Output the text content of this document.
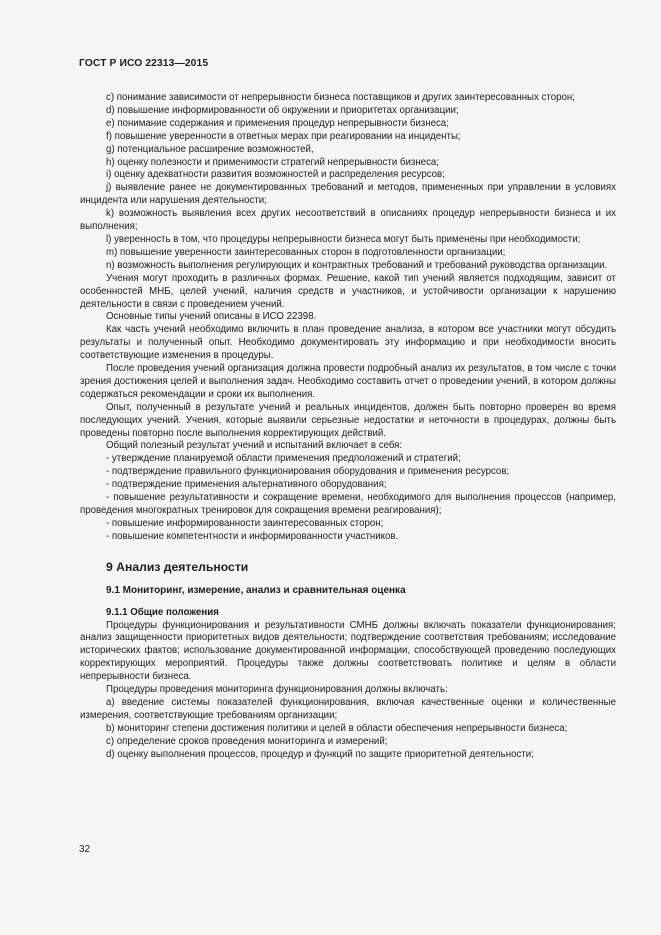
ГОСТ Р ИСО 22313—2015

c) понимание зависимости от непрерывности бизнеса поставщиков и других заинтересованных сторон;

d) повышение информированности об окружении и приоритетах организации;

e) понимание содержания и применения процедур непрерывности бизнеса;

f) повышение уверенности в ответных мерах при реагировании на инциденты;

g) потенциальное расширение возможностей,

h) оценку полезности и применимости стратегий непрерывности бизнеса;

i) оценку адекватности развития возможностей и распределения ресурсов;

j) выявление ранее не документированных требований и методов, примененных при управлении в условиях инцидента или нарушения деятельности;

k) возможность выявления всех других несоответствий в описаниях процедур непрерывности бизнеса и их выполнения;

l) уверенность в том, что процедуры непрерывности бизнеса могут быть применены при необходимости;

m) повышение уверенности заинтересованных сторон в подготовленности организации;

n) возможность выполнения регулирующих и контрактных требований и требований руководства организации.

Учения могут проходить в различных формах. Решение, какой тип учений является подходящим, зависит от особенностей МНБ, целей учений, наличия средств и участников, и устойчивости организации к нарушению деятельности в связи с проведением учений.

Основные типы учений описаны в ИСО 22398.

Как часть учений необходимо включить в план проведение анализа, в котором все участники могут обсудить результаты и полученный опыт. Необходимо документировать эту информацию и при необходимости вносить соответствующие изменения в процедуры.

После проведения учений организация должна провести подробный анализ их результатов, в том числе с точки зрения достижения целей и выполнения задач. Необходимо составить отчет о проведении учений, в котором должны содержаться рекомендации и сроки их выполнения.

Опыт, полученный в результате учений и реальных инцидентов, должен быть повторно проверен во время последующих учений. Учения, которые выявили серьезные недостатки и неточности в процедурах, должны быть проведены повторно после выполнения корректирующих действий.

Общий полезный результат учений и испытаний включает в себя:

- утверждение планируемой области применения предположений и стратегий;

- подтверждение правильного функционирования оборудования и применения ресурсов;

- подтверждение применения альтернативного оборудования;

- повышение результативности и сокращение времени, необходимого для выполнения процессов (например, проведения многократных тренировок для сокращения времени реагирования);

- повышение информированности заинтересованных сторон;

- повышение компетентности и информированности участников.

9 Анализ деятельности

9.1 Мониторинг, измерение, анализ и сравнительная оценка

9.1.1 Общие положения

Процедуры функционирования и результативности СМНБ должны включать показатели функционирования; анализ защищенности приоритетных видов деятельности; подтверждение соответствия требованиям; исследование исторических фактов; использование документированной информации, способствующей проведению последующих корректирующих мероприятий. Процедуры также должны соответствовать политике и целям в области непрерывности бизнеса.

Процедуры проведения мониторинга функционирования должны включать:

a) введение системы показателей функционирования, включая качественные оценки и количественные измерения, соответствующие требованиям организации;

b) мониторинг степени достижения политики и целей в области обеспечения непрерывности бизнеса;

c) определение сроков проведения мониторинга и измерений;

d) оценку выполнения процессов, процедур и функций по защите приоритетной деятельности;

32
